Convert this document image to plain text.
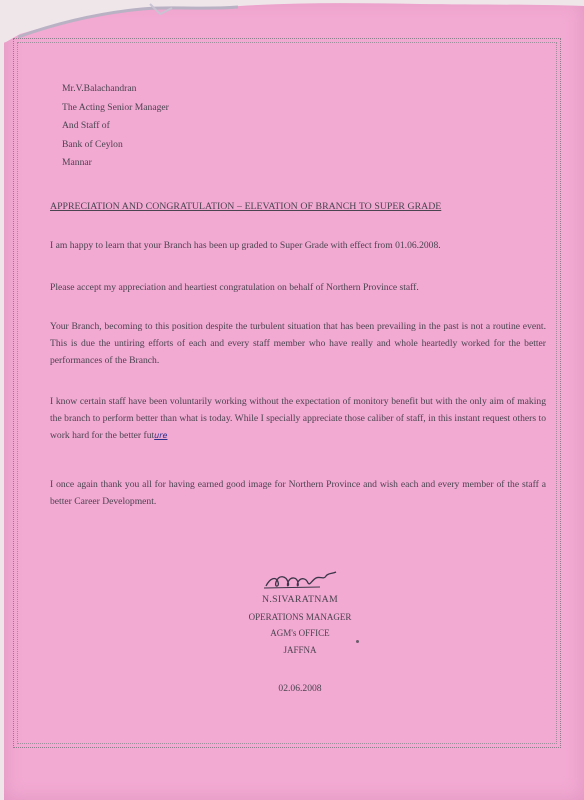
Mr.V.Balachandran
The Acting Senior Manager
And Staff of
Bank of Ceylon
Mannar
APPRECIATION AND CONGRATULATION – ELEVATION OF BRANCH TO SUPER GRADE
I am happy to learn that your Branch has been up graded to Super Grade with effect from 01.06.2008.
Please accept my appreciation and heartiest congratulation on behalf of Northern Province staff.
Your Branch, becoming to this position despite the turbulent situation that has been prevailing in the past is not a routine event. This is due the untiring efforts of each and every staff member who have really and whole heartedly worked for the better performances of the Branch.
I know certain staff have been voluntarily working without the expectation of monitory benefit but with the only aim of making the branch to perform better than what is today. While I specially appreciate those caliber of staff, in this instant request others to work hard for the better future
I once again thank you all for having earned good image for Northern Province and wish each and every member of the staff a better Career Development.
N.SIVARATNAM
OPERATIONS MANAGER
AGM's OFFICE
JAFFNA
02.06.2008
